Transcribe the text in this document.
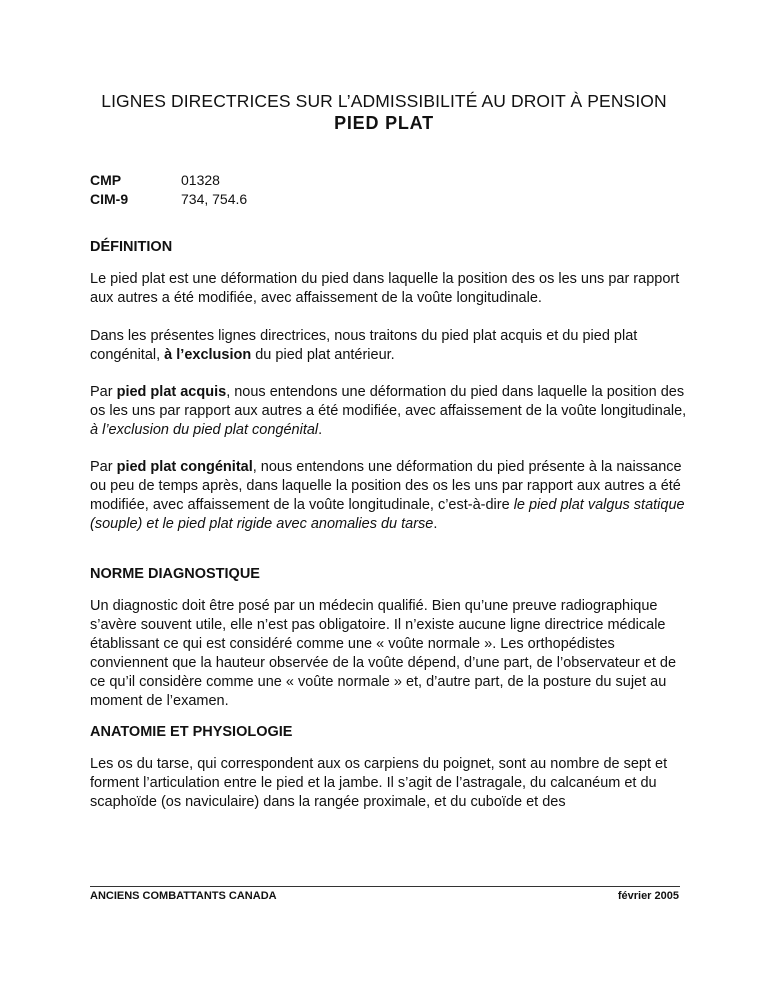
LIGNES DIRECTRICES SUR L’ADMISSIBILITÉ AU DROIT À PENSION
PIED PLAT
CMP	01328
CIM-9	734, 754.6
DÉFINITION
Le pied plat est une déformation du pied dans laquelle la position des os les uns par rapport aux autres a été modifiée, avec affaissement de la voûte longitudinale.
Dans les présentes lignes directrices, nous traitons du pied plat acquis et du pied plat congénital, à l’exclusion du pied plat antérieur.
Par pied plat acquis, nous entendons une déformation du pied dans laquelle la position des os les uns par rapport aux autres a été modifiée, avec affaissement de la voûte longitudinale, à l’exclusion du pied plat congénital.
Par pied plat congénital, nous entendons une déformation du pied présente à la naissance ou peu de temps après, dans laquelle la position des os les uns par rapport aux autres a été modifiée, avec affaissement de la voûte longitudinale, c’est-à-dire le pied plat valgus statique (souple) et le pied plat rigide avec anomalies du tarse.
NORME DIAGNOSTIQUE
Un diagnostic doit être posé par un médecin qualifié. Bien qu’une preuve radiographique s’avère souvent utile, elle n’est pas obligatoire. Il n’existe aucune ligne directrice médicale établissant ce qui est considéré comme une « voûte normale ». Les orthopédistes conviennent que la hauteur observée de la voûte dépend, d’une part, de l’observateur et de ce qu’il considère comme une « voûte normale » et, d’autre part, de la posture du sujet au moment de l’examen.
ANATOMIE ET PHYSIOLOGIE
Les os du tarse, qui correspondent aux os carpiens du poignet, sont au nombre de sept et forment l’articulation entre le pied et la jambe. Il s’agit de l’astragale, du calcanéum et du scaphoïde (os naviculaire) dans la rangée proximale, et du cuboïde et des
ANCIENS COMBATTANTS CANADA	février 2005
